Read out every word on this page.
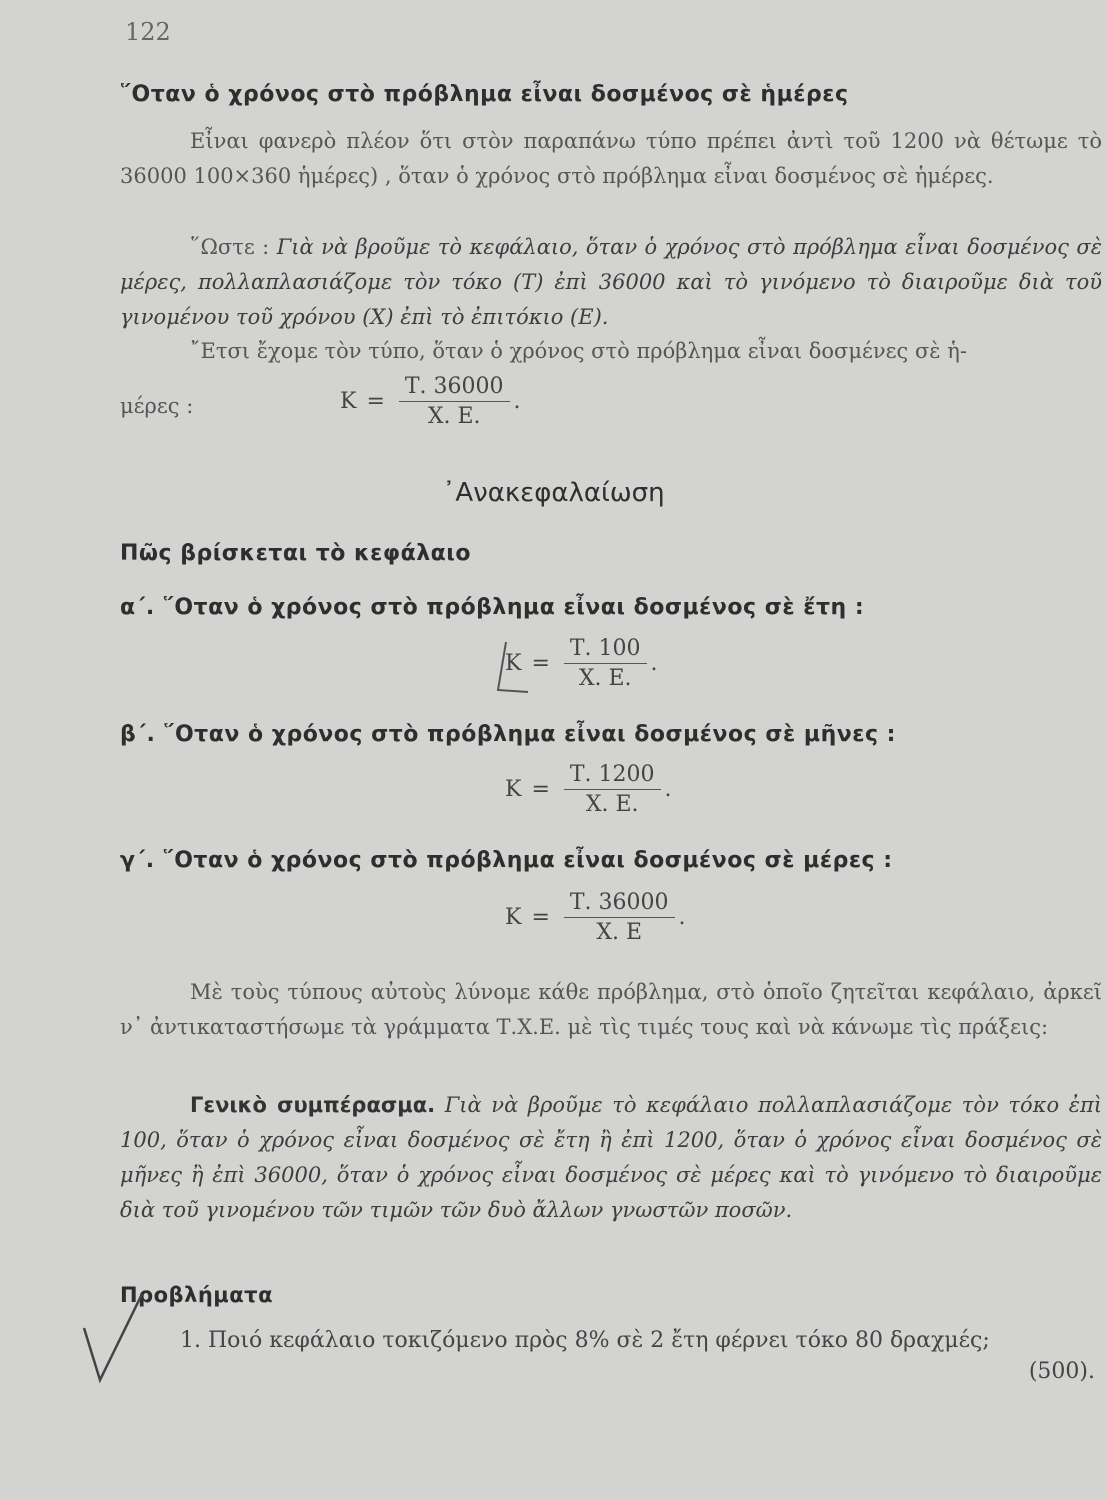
122
῞Οταν ὁ χρόνος στὸ πρόβλημα εἶναι δοσμένος σὲ ἡμέρες
Εἶναι φανερὸ πλέον ὅτι στὸν παραπάνω τύπο πρέπει ἀντὶ τοῦ 1200 νὰ θέτωμε τὸ 36000 100×360 ἡμέρες) , ὅταν ὁ χρόνος στὸ πρόβλημα εἶναι δοσμένος σὲ ἡμέρες.
῞Ωστε : Γιὰ νὰ βροῦμε τὸ κεφάλαιο, ὅταν ὁ χρόνος στὸ πρόβλημα εἶναι δοσμένος σὲ μέρες, πολλαπλασιάζομε τὸν τόκο (Τ) ἐπὶ 36000 καὶ τὸ γινόμενο τὸ διαιροῦμε διὰ τοῦ γινομένου τοῦ χρόνου (Χ) ἐπὶ τὸ ἐπιτόκιο (Ε).
῎Ετσι ἔχομε τὸν τύπο, ὅταν ὁ χρόνος στὸ πρόβλημα εἶναι δοσμένες σὲ ἡ-
μέρες :	$K = \frac{T. 36000}{X. E.}$ .
᾿Ανακεφαλαίωση
Πῶς βρίσκεται τὸ κεφάλαιο
α΄. ῞Οταν ὁ χρόνος στὸ πρόβλημα εἶναι δοσμένος σὲ ἔτη :
$K = \frac{T. 100}{X. E.}$ .
β΄. ῞Οταν ὁ χρόνος στὸ πρόβλημα εἶναι δοσμένος σὲ μῆνες :
$K = \frac{T. 1200}{X. E.}$ .
γ΄. ῞Οταν ὁ χρόνος στὸ πρόβλημα εἶναι δοσμένος σὲ μέρες :
$K = \frac{T. 36000}{X. E}$ .
Μὲ τοὺς τύπους αὐτοὺς λύνομε κάθε πρόβλημα, στὸ ὁποῖο ζητεῖται κεφάλαιο, ἀρκεῖ ν᾿ ἀντικαταστήσωμε τὰ γράμματα Τ.Χ.Ε. μὲ τὶς τιμές τους καὶ νὰ κάνωμε τὶς πράξεις:
Γενικὸ συμπέρασμα. Γιὰ νὰ βροῦμε τὸ κεφάλαιο πολλαπλασιάζομε τὸν τόκο ἐπὶ 100, ὅταν ὁ χρόνος εἶναι δοσμένος σὲ ἔτη ἢ ἐπὶ 1200, ὅταν ὁ χρόνος εἶναι δοσμένος σὲ μῆνες ἢ ἐπὶ 36000, ὅταν ὁ χρόνος εἶναι δοσμένος σὲ μέρες καὶ τὸ γινόμενο τὸ διαιροῦμε διὰ τοῦ γινομένου τῶν τιμῶν τῶν δυὸ ἄλλων γνωστῶν ποσῶν.
Προβλήματα
1. Ποιό κεφάλαιο τοκιζόμενο πρὸς 8% σὲ 2 ἔτη φέρνει τόκο 80 δραχμές;
(500).
